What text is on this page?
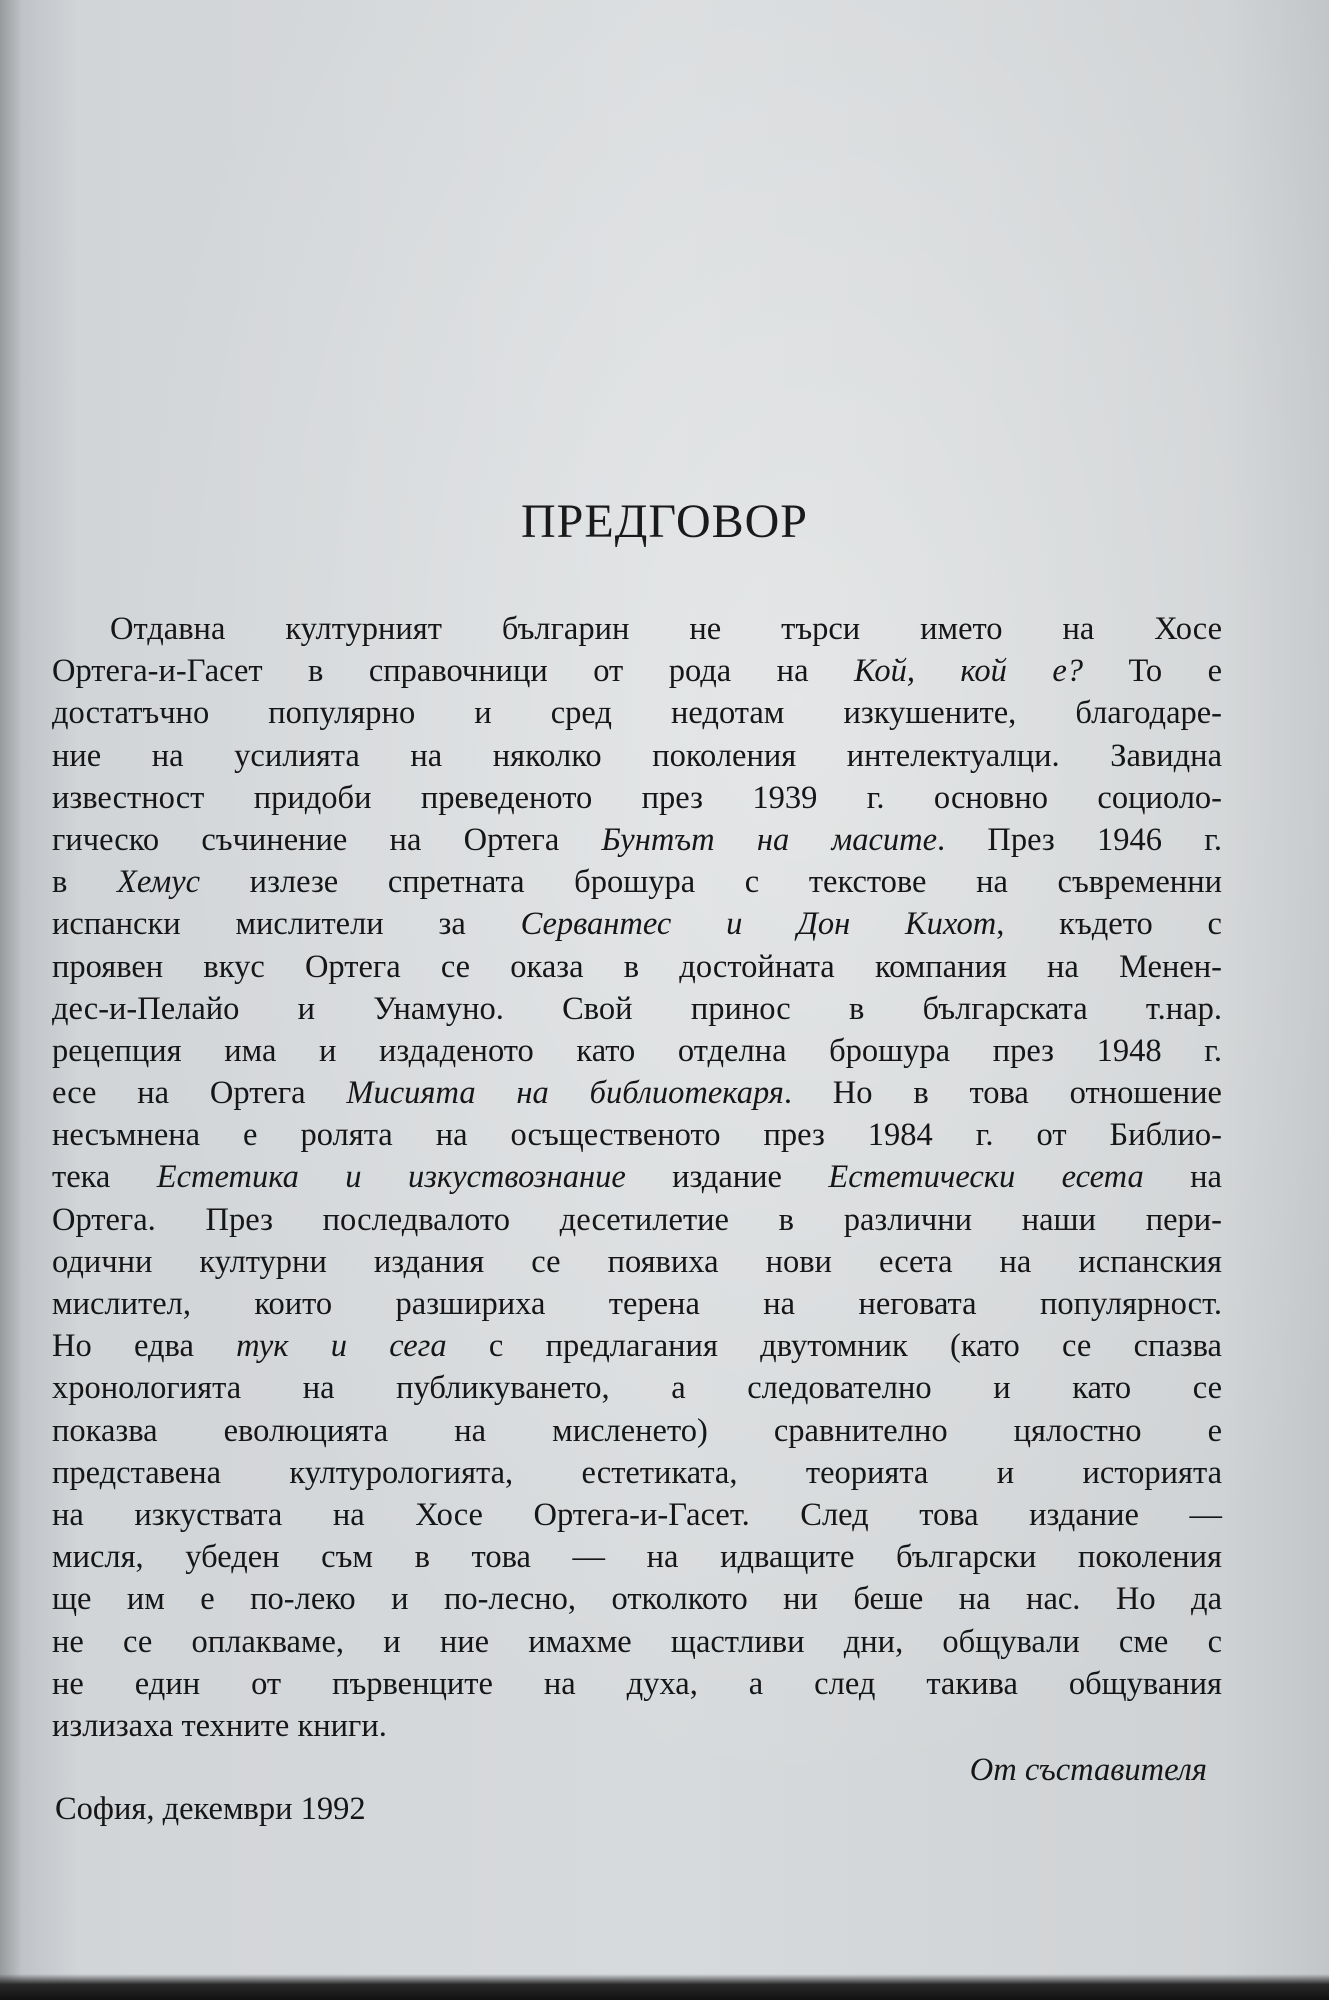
ПРЕДГОВОР
Отдавна културният българин не търси името на Хосе
Ортега-и-Гасет в справочници от рода на Кой, кой е? То е
достатъчно популярно и сред недотам изкушените, благодаре-
ние на усилията на няколко поколения интелектуалци. Завидна
известност придоби преведеното през 1939 г. основно социоло-
гическо съчинение на Ортега Бунтът на масите. През 1946 г.
в Хемус излезе спретната брошура с текстове на съвременни
испански мислители за Сервантес и Дон Кихот, където с
проявен вкус Ортега се оказа в достойната компания на Менен-
дес-и-Пелайо и Унамуно. Свой принос в българската т.нар.
рецепция има и издаденото като отделна брошура през 1948 г.
есе на Ортега Мисията на библиотекаря. Но в това отношение
несъмнена е ролята на осъщественото през 1984 г. от Библио-
тека Естетика и изкуствознание издание Естетически есета на
Ортега. През последвалото десетилетие в различни наши пери-
одични културни издания се появиха нови есета на испанския
мислител, които разшириха терена на неговата популярност.
Но едва тук и сега с предлагания двутомник (като се спазва
хронологията на публикуването, а следователно и като се
показва еволюцията на мисленето) сравнително цялостно е
представена културологията, естетиката, теорията и историята
на изкуствата на Хосе Ортега-и-Гасет. След това издание —
мисля, убеден съм в това — на идващите български поколения
ще им е по-леко и по-лесно, отколкото ни беше на нас. Но да
не се оплакваме, и ние имахме щастливи дни, общували сме с
не един от първенците на духа, а след такива общувания
излизаха техните книги.
От съставителя
София, декември 1992
